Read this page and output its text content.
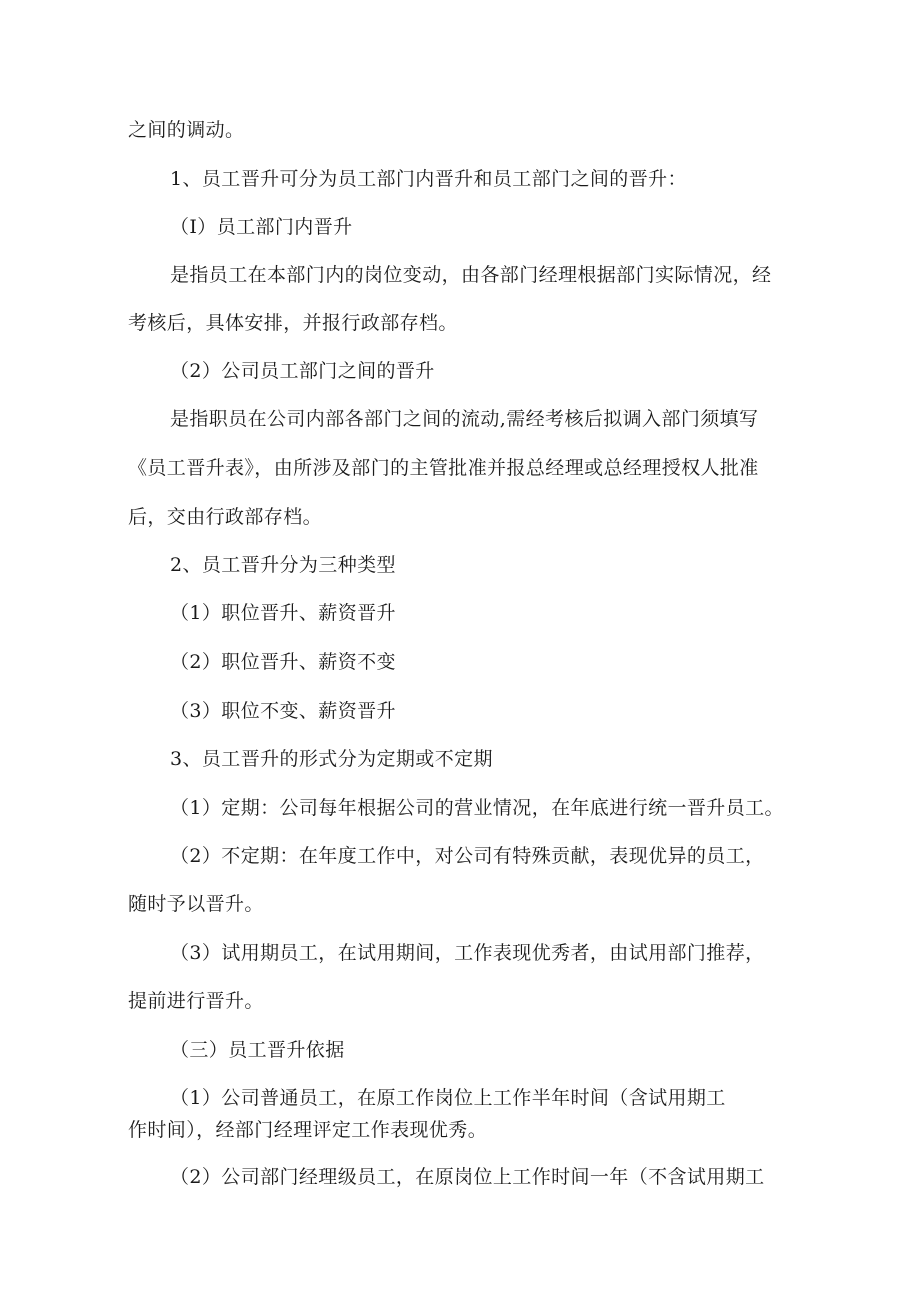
之间的调动。
1、员工晋升可分为员工部门内晋升和员工部门之间的晋升：
（I）员工部门内晋升
是指员工在本部门内的岗位变动，由各部门经理根据部门实际情况，经
考核后，具体安排，并报行政部存档。
（2）公司员工部门之间的晋升
是指职员在公司内部各部门之间的流动,需经考核后拟调入部门须填写
《员工晋升表》，由所涉及部门的主管批准并报总经理或总经理授权人批准
后，交由行政部存档。
2、员工晋升分为三种类型
（1）职位晋升、薪资晋升
（2）职位晋升、薪资不变
（3）职位不变、薪资晋升
3、员工晋升的形式分为定期或不定期
（1）定期：公司每年根据公司的营业情况，在年底进行统一晋升员工。
（2）不定期：在年度工作中，对公司有特殊贡献，表现优异的员工，
随时予以晋升。
（3）试用期员工，在试用期间，工作表现优秀者，由试用部门推荐，
提前进行晋升。
（三）员工晋升依据
（1）公司普通员工，在原工作岗位上工作半年时间（含试用期工
作时间），经部门经理评定工作表现优秀。
（2）公司部门经理级员工，在原岗位上工作时间一年（不含试用期工
